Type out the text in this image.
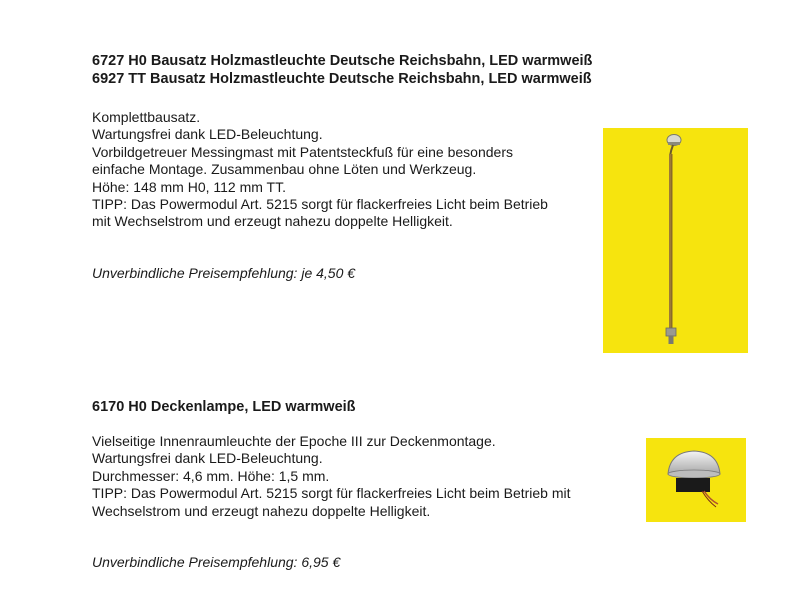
6727 H0 Bausatz Holzmastleuchte Deutsche Reichsbahn, LED warmweiß
6927 TT Bausatz Holzmastleuchte Deutsche Reichsbahn, LED warmweiß
Komplettbausatz.
Wartungsfrei dank LED-Beleuchtung.
Vorbildgetreuer Messingmast mit Patentsteckfuß für eine besonders
einfache Montage. Zusammenbau ohne Löten und Werkzeug.
Höhe: 148 mm H0, 112 mm TT.
TIPP: Das Powermodul Art. 5215 sorgt für flackerfreies Licht beim Betrieb
mit Wechselstrom und erzeugt nahezu doppelte Helligkeit.
Unverbindliche Preisempfehlung: je 4,50 €
6170 H0 Deckenlampe, LED warmweiß
Vielseitige Innenraumleuchte der Epoche III zur Deckenmontage.
Wartungsfrei dank LED-Beleuchtung.
Durchmesser: 4,6 mm. Höhe: 1,5 mm.
TIPP: Das Powermodul Art. 5215 sorgt für flackerfreies Licht beim Betrieb mit
Wechselstrom und erzeugt nahezu doppelte Helligkeit.
Unverbindliche Preisempfehlung: 6,95 €
